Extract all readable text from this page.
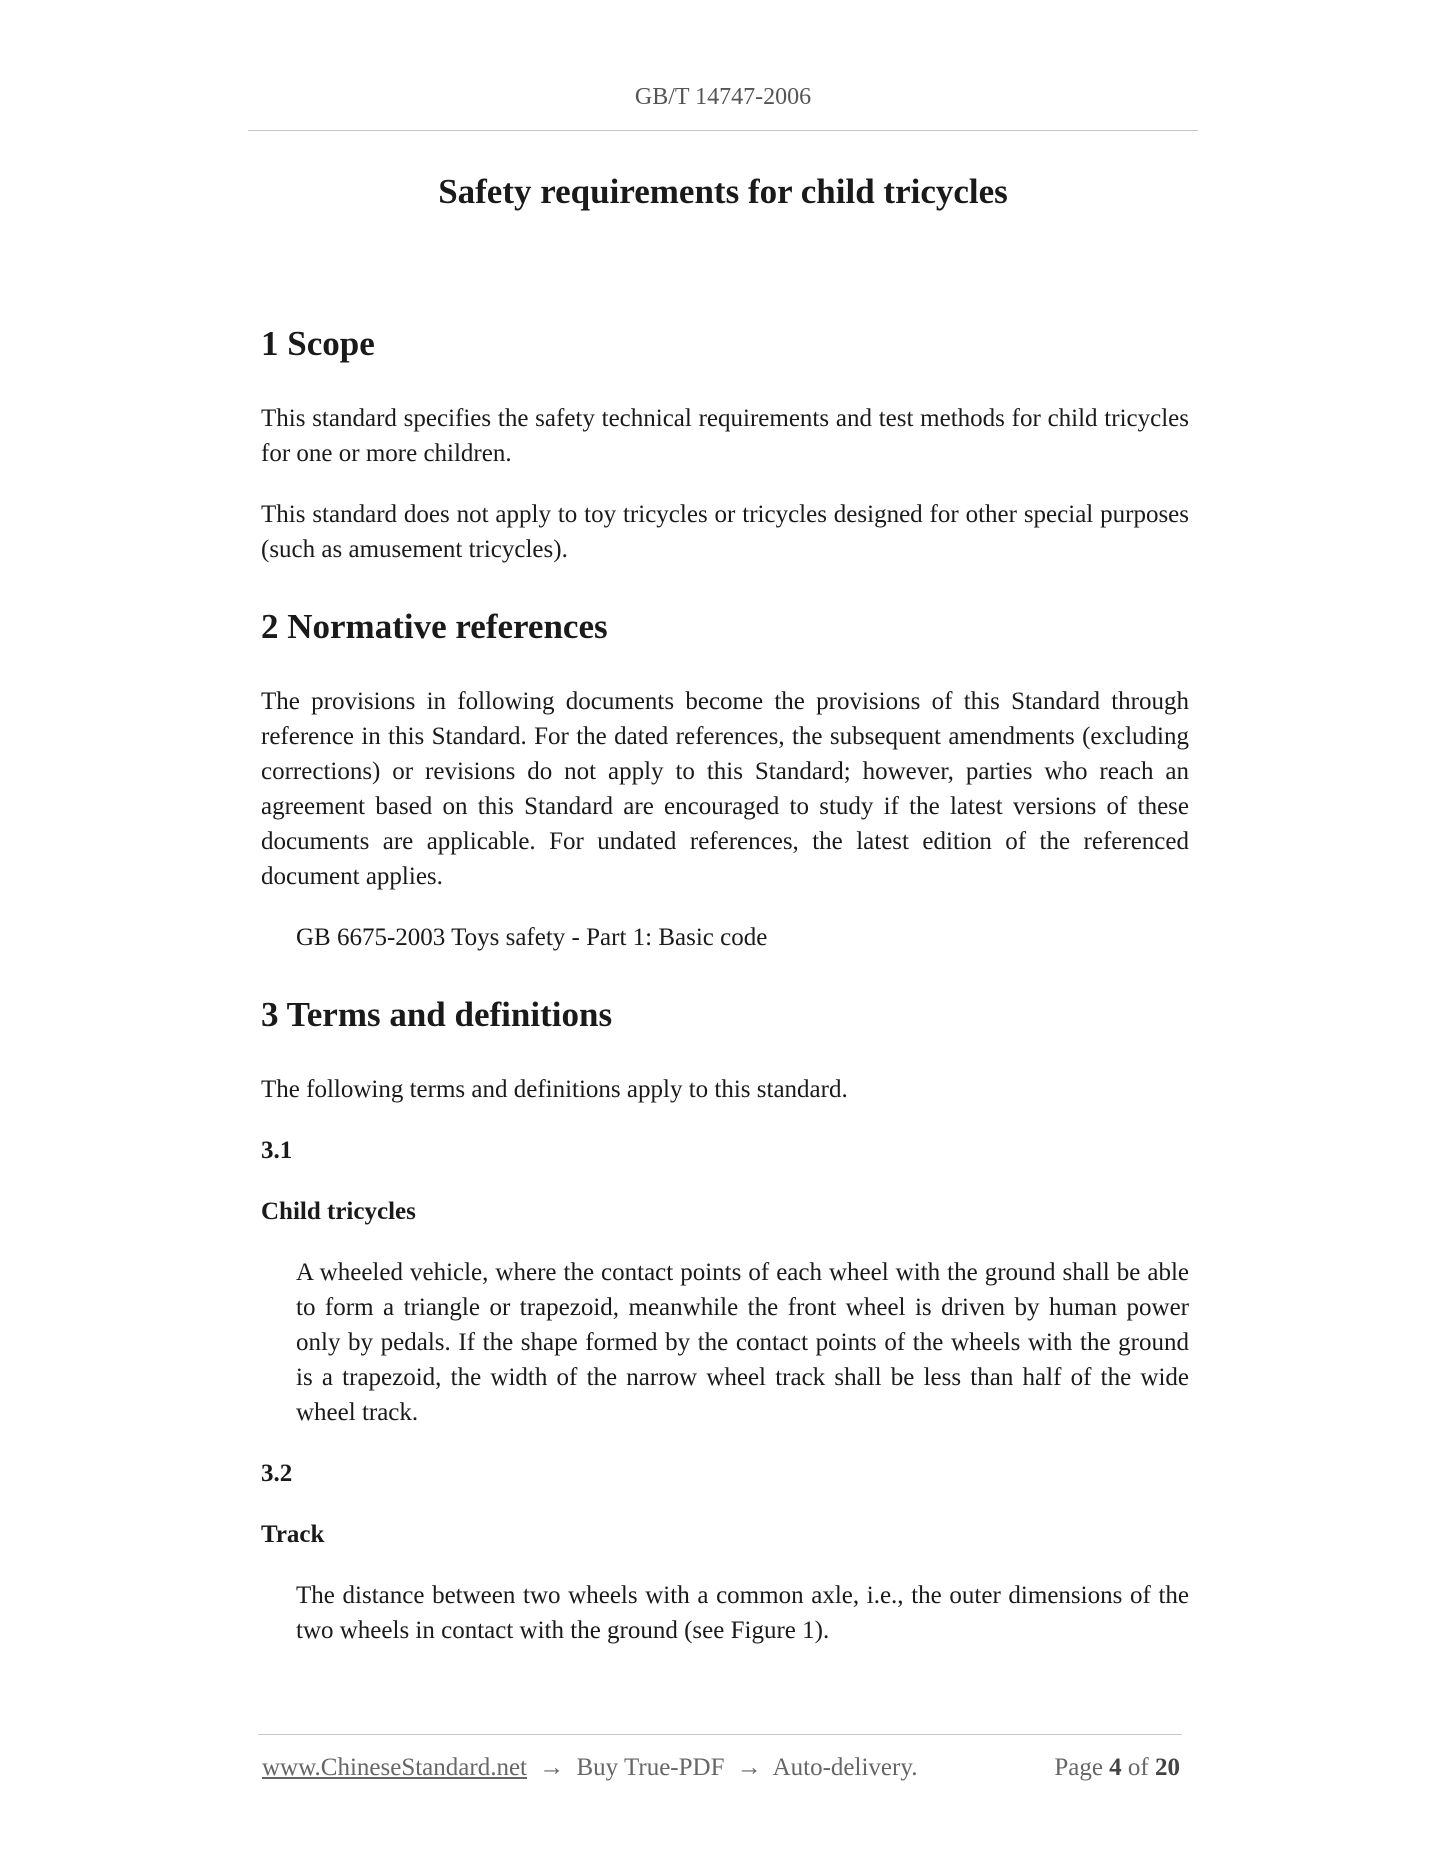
GB/T 14747-2006
Safety requirements for child tricycles
1 Scope

This standard specifies the safety technical requirements and test methods for child tricycles for one or more children.

This standard does not apply to toy tricycles or tricycles designed for other special purposes (such as amusement tricycles).

2 Normative references

The provisions in following documents become the provisions of this Standard through reference in this Standard. For the dated references, the subsequent amendments (excluding corrections) or revisions do not apply to this Standard; however, parties who reach an agreement based on this Standard are encouraged to study if the latest versions of these documents are applicable. For undated references, the latest edition of the referenced document applies.

GB 6675-2003 Toys safety - Part 1: Basic code

3 Terms and definitions

The following terms and definitions apply to this standard.

3.1

Child tricycles

A wheeled vehicle, where the contact points of each wheel with the ground shall be able to form a triangle or trapezoid, meanwhile the front wheel is driven by human power only by pedals. If the shape formed by the contact points of the wheels with the ground is a trapezoid, the width of the narrow wheel track shall be less than half of the wide wheel track.

3.2

Track

The distance between two wheels with a common axle, i.e., the outer dimensions of the two wheels in contact with the ground (see Figure 1).

www.ChineseStandard.net → Buy True-PDF → Auto-delivery.	Page 4 of 20
